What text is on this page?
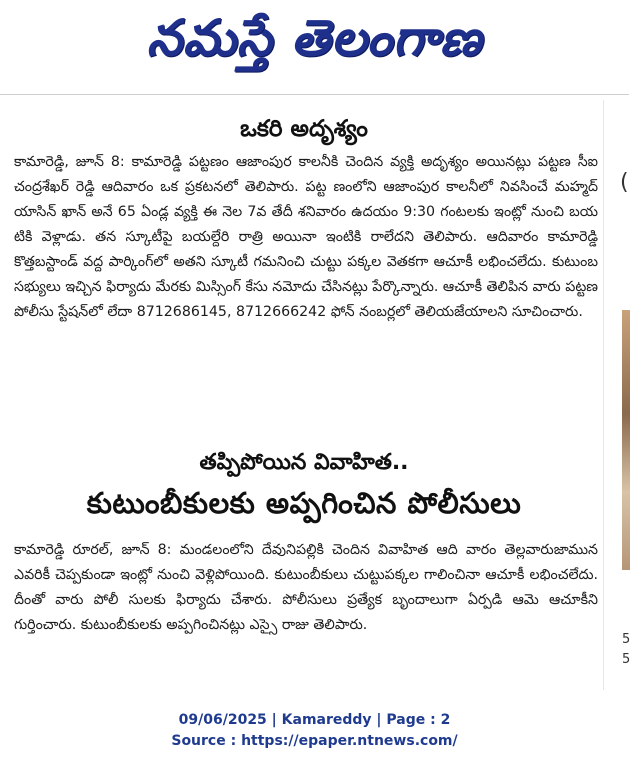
నమస్తే తెలంగాణ
ఒకరి అదృశ్యం

కామారెడ్డి, జూన్ 8: కామారెడ్డి పట్టణం ఆజాంపుర కాలనీకి చెందిన వ్యక్తి అదృశ్యం అయినట్లు పట్టణ సీఐ చంద్రశేఖర్ రెడ్డి ఆదివారం ఒక ప్రకటనలో తెలిపారు. పట్ట ణంలోని ఆజాంపుర కాలనీలో నివసించే మహ్మద్ యాసిన్ ఖాన్ అనే 65 ఏండ్ల వ్యక్తి ఈ నెల 7వ తేదీ శనివారం ఉదయం 9:30 గంటలకు ఇంట్లో నుంచి బయ టికి వెళ్లాడు. తన స్కూటీపై బయల్దేరి రాత్రి అయినా ఇంటికి రాలేదని తెలిపారు. ఆదివారం కామారెడ్డి కొత్తబస్టాండ్ వద్ద పార్కింగ్‌లో అతని స్కూటీ గమనించి చుట్టు పక్కల వెతకగా ఆచూకీ లభించలేదు. కుటుంబ సభ్యులు ఇచ్చిన ఫిర్యాదు మేరకు మిస్సింగ్ కేసు నమోదు చేసినట్లు పేర్కొన్నారు. ఆచూకీ తెలిపిన వారు పట్టణ పోలీసు స్టేషన్‌లో లేదా 8712686145, 8712666242 ఫోన్ నంబర్లలో తెలియజేయాలని సూచించారు.

తప్పిపోయిన వివాహిత..
కుటుంబీకులకు అప్పగించిన పోలీసులు

కామారెడ్డి రూరల్, జూన్ 8: మండలంలోని దేవునిపల్లికి చెందిన వివాహిత ఆది వారం తెల్లవారుజామున ఎవరికీ చెప్పకుండా ఇంట్లో నుంచి వెళ్లిపోయింది. కుటుంబీకులు చుట్టుపక్కల గాలించినా ఆచూకీ లభించలేదు. దీంతో వారు పోలీ సులకు ఫిర్యాదు చేశారు. పోలీసులు ప్రత్యేక బృందాలుగా ఏర్పడి ఆమె ఆచూకీని గుర్తించారు. కుటుంబీకులకు అప్పగించినట్లు ఎస్సై రాజు తెలిపారు.

(
5
5
09/06/2025 | Kamareddy | Page : 2
Source : https://epaper.ntnews.com/
